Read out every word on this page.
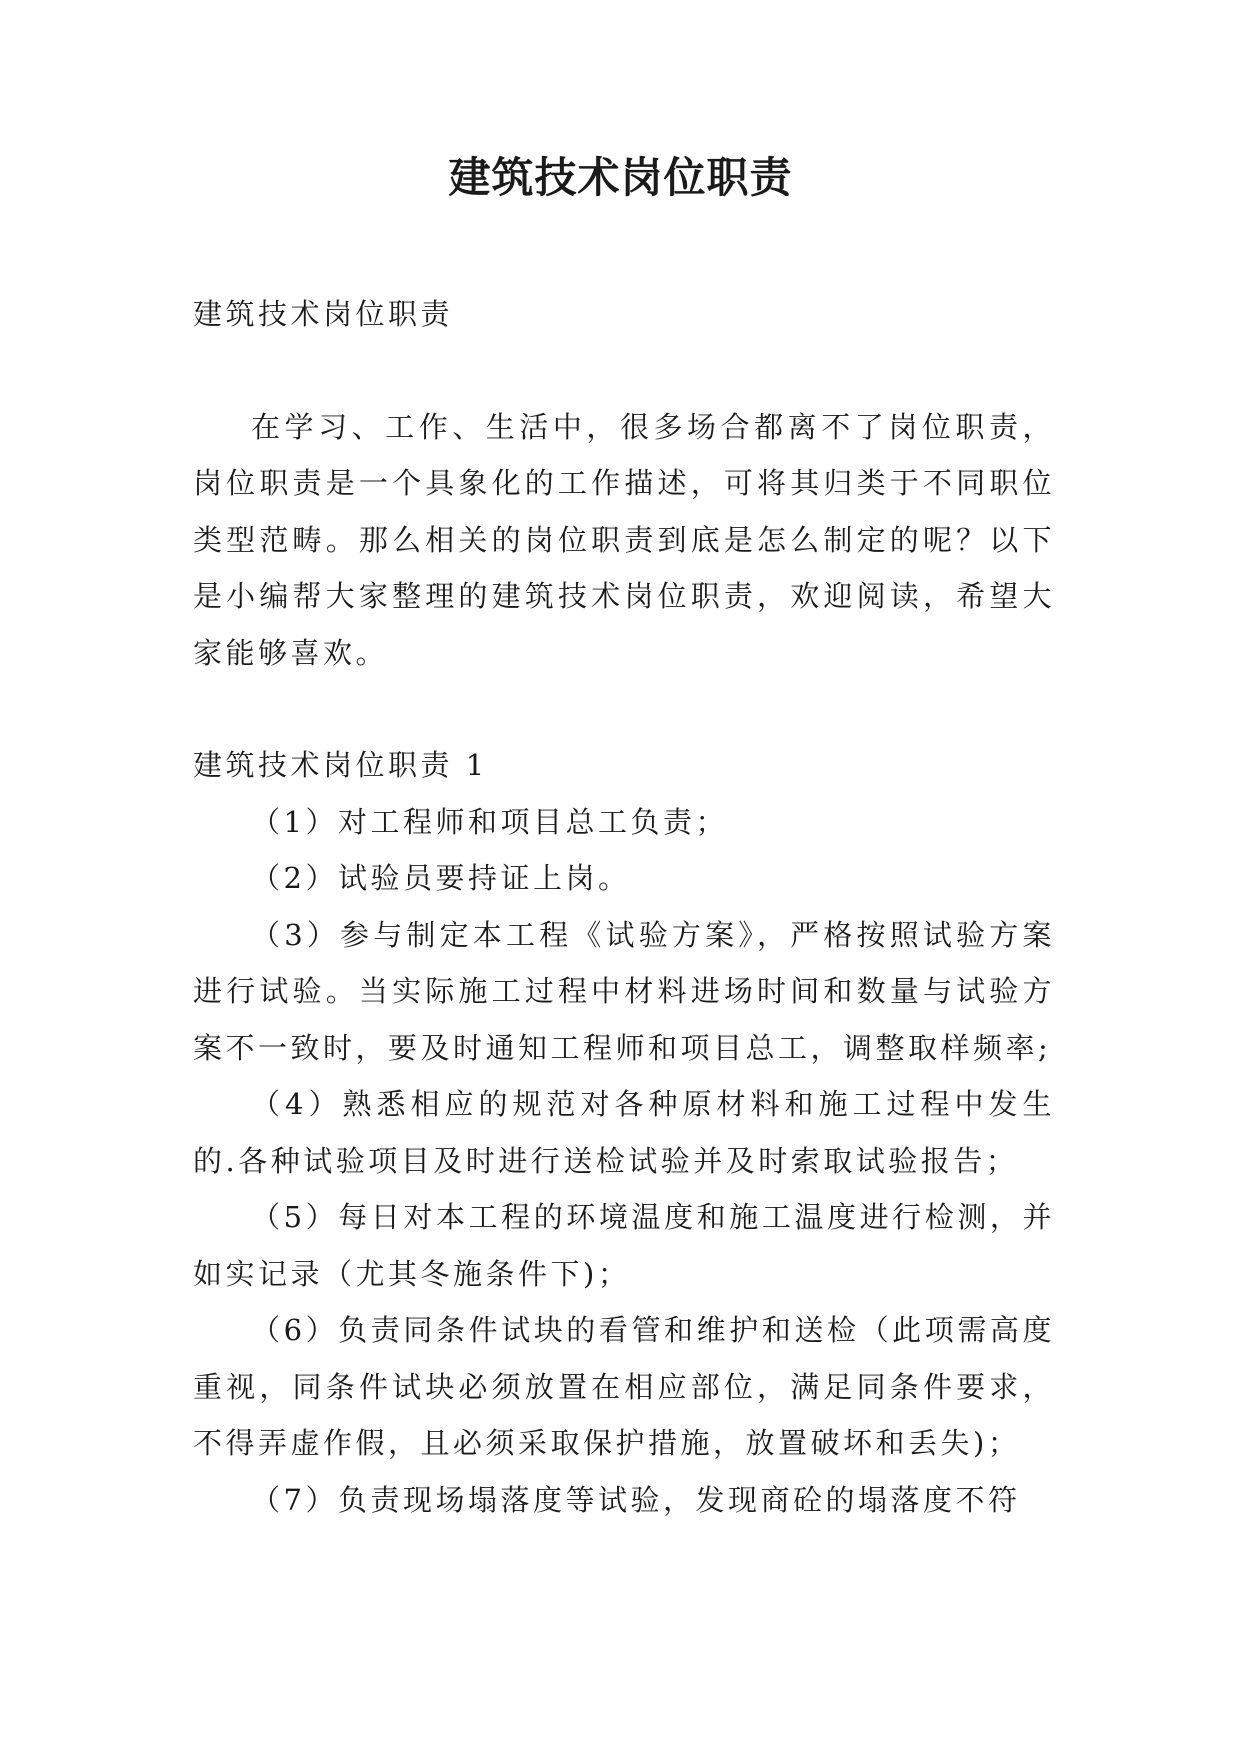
建筑技术岗位职责

建筑技术岗位职责

在学习、工作、生活中，很多场合都离不了岗位职责，岗位职责是一个具象化的工作描述，可将其归类于不同职位类型范畴。那么相关的岗位职责到底是怎么制定的呢？以下是小编帮大家整理的建筑技术岗位职责，欢迎阅读，希望大家能够喜欢。

建筑技术岗位职责 1

（1）对工程师和项目总工负责；

（2）试验员要持证上岗。

（3）参与制定本工程《试验方案》，严格按照试验方案进行试验。当实际施工过程中材料进场时间和数量与试验方案不一致时，要及时通知工程师和项目总工，调整取样频率;

（4）熟悉相应的规范对各种原材料和施工过程中发生的.各种试验项目及时进行送检试验并及时索取试验报告；

（5）每日对本工程的环境温度和施工温度进行检测，并如实记录（尤其冬施条件下)；

（6）负责同条件试块的看管和维护和送检（此项需高度重视，同条件试块必须放置在相应部位，满足同条件要求，不得弄虚作假，且必须采取保护措施，放置破坏和丢失)；

（7）负责现场塌落度等试验，发现商砼的塌落度不符
